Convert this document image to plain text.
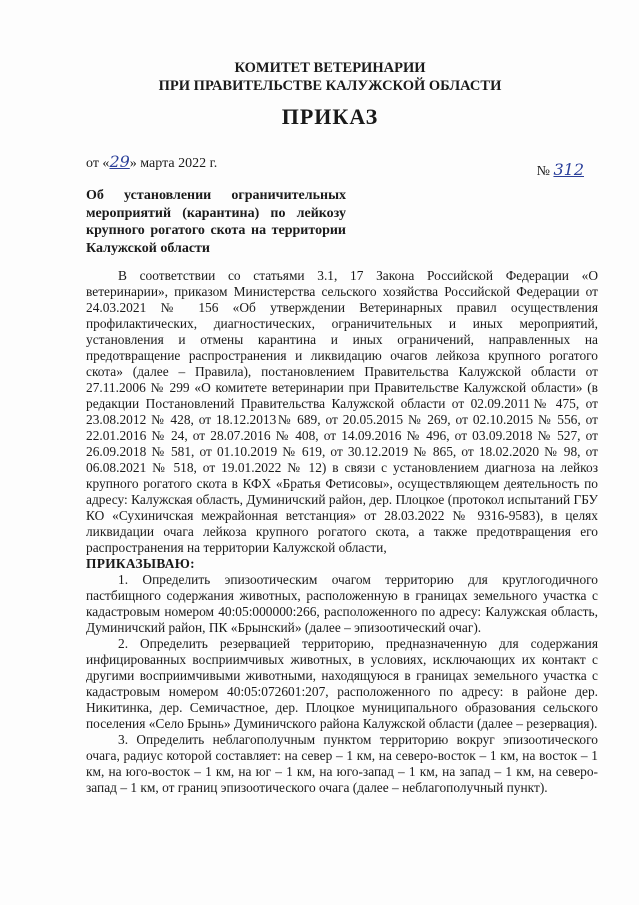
КОМИТЕТ ВЕТЕРИНАРИИ
ПРИ ПРАВИТЕЛЬСТВЕ КАЛУЖСКОЙ ОБЛАСТИ
ПРИКАЗ
от «29» марта 2022 г.
№ 312
Об установлении ограничительных мероприятий (карантина) по лейкозу крупного рогатого скота на территории Калужской области

В соответствии со статьями 3.1, 17 Закона Российской Федерации «О ветеринарии», приказом Министерства сельского хозяйства Российской Федерации от 24.03.2021 № 156 «Об утверждении Ветеринарных правил осуществления профилактических, диагностических, ограничительных и иных мероприятий, установления и отмены карантина и иных ограничений, направленных на предотвращение распространения и ликвидацию очагов лейкоза крупного рогатого скота» (далее – Правила), постановлением Правительства Калужской области от 27.11.2006 № 299 «О комитете ветеринарии при Правительстве Калужской области» (в редакции Постановлений Правительства Калужской области от 02.09.2011№ 475, от 23.08.2012 № 428, от 18.12.2013№ 689, от 20.05.2015 № 269, от 02.10.2015 № 556, от 22.01.2016 № 24, от 28.07.2016 № 408, от 14.09.2016 № 496, от 03.09.2018 № 527, от 26.09.2018 № 581, от 01.10.2019 № 619, от 30.12.2019 № 865, от 18.02.2020 № 98, от 06.08.2021 № 518, от 19.01.2022 № 12) в связи с установлением диагноза на лейкоз крупного рогатого скота в КФХ «Братья Фетисовы», осуществляющем деятельность по адресу: Калужская область, Думиничский район, дер. Плоцкое (протокол испытаний ГБУ КО «Сухиничская межрайонная ветстанция» от 28.03.2022 № 9316-9583), в целях ликвидации очага лейкоза крупного рогатого скота, а также предотвращения его распространения на территории Калужской области,

ПРИКАЗЫВАЮ:

1. Определить эпизоотическим очагом территорию для круглогодичного пастбищного содержания животных, расположенную в границах земельного участка с кадастровым номером 40:05:000000:266, расположенного по адресу: Калужская область, Думиничский район, ПК «Брынский» (далее – эпизоотический очаг).

2. Определить резервацией территорию, предназначенную для содержания инфицированных восприимчивых животных, в условиях, исключающих их контакт с другими восприимчивыми животными, находящуюся в границах земельного участка с кадастровым номером 40:05:072601:207, расположенного по адресу: в районе дер. Никитинка, дер. Семичастное, дер. Плоцкое муниципального образования сельского поселения «Село Брынь» Думиничского района Калужской области (далее – резервация).

3. Определить неблагополучным пунктом территорию вокруг эпизоотического очага, радиус которой составляет: на север – 1 км, на северо-восток – 1 км, на восток – 1 км, на юго-восток – 1 км, на юг – 1 км, на юго-запад – 1 км, на запад – 1 км, на северо-запад – 1 км, от границ эпизоотического очага (далее – неблагополучный пункт).
